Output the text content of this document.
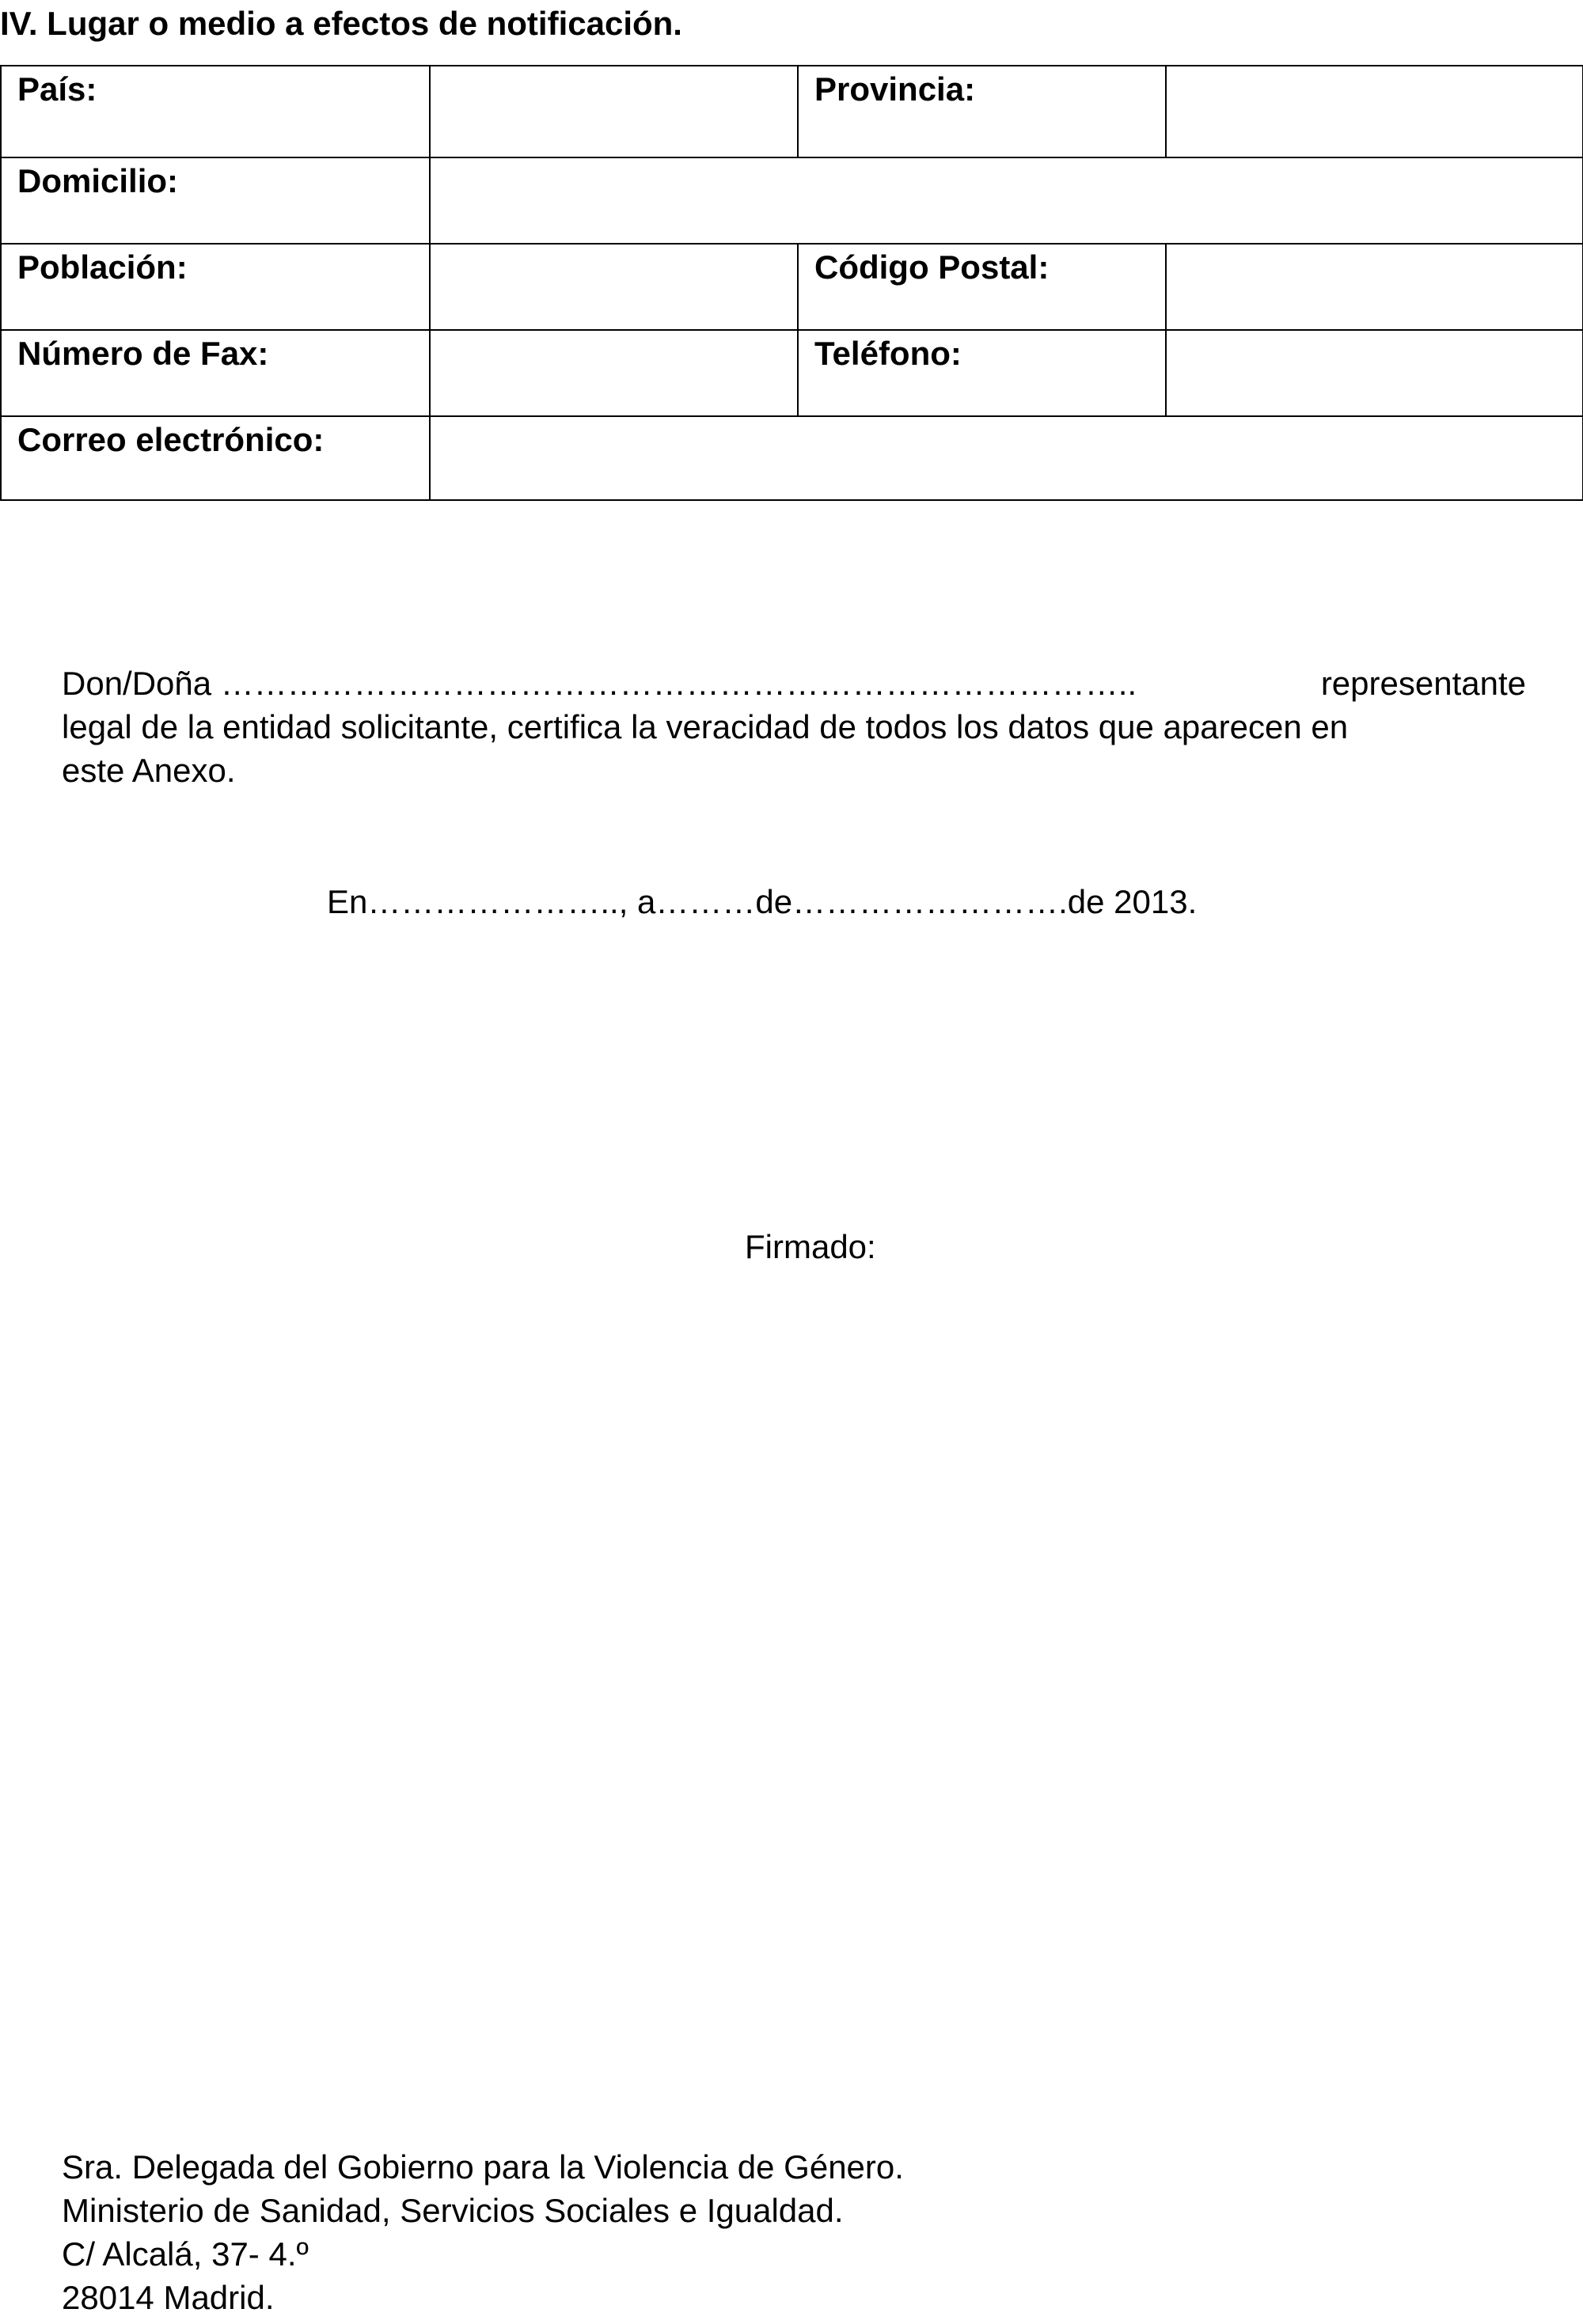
IV. Lugar o medio a efectos de notificación.
País:		Provincia:	
Domicilio:			
Población:		Código Postal:	
Número de Fax:		Teléfono:	
Correo electrónico:			
Don/Doña ………………………………………………………………………..	representante
legal de la entidad solicitante, certifica la veracidad de todos los datos que aparecen en
este Anexo.
En………………….., a………de…………………….de 2013.
Firmado:
Sra. Delegada del Gobierno para la Violencia de Género.
Ministerio de Sanidad, Servicios Sociales e Igualdad.
C/ Alcalá, 37- 4.º
28014 Madrid.
